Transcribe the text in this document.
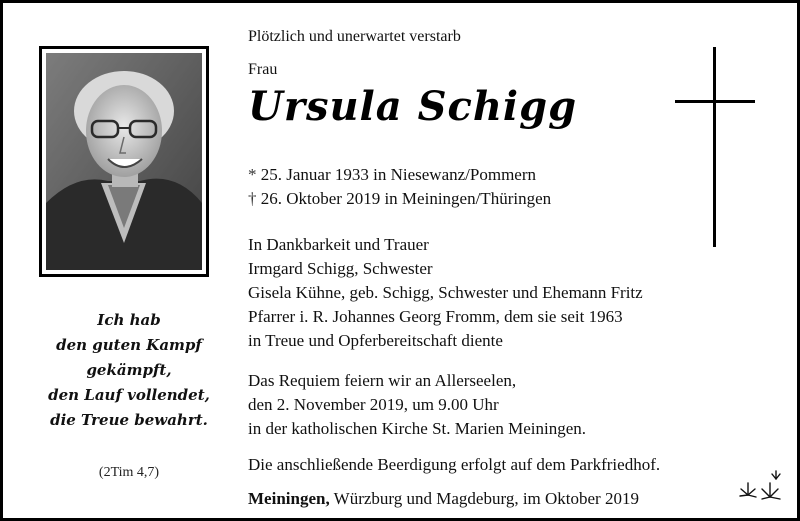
Ich hab
den guten Kampf
gekämpft,
den Lauf vollendet,
die Treue bewahrt.
(2Tim 4,7)
Plötzlich und unerwartet verstarb
Frau
Ursula Schigg
* 25. Januar 1933 in Niesewanz/Pommern
† 26. Oktober 2019 in Meiningen/Thüringen
In Dankbarkeit und Trauer
Irmgard Schigg, Schwester
Gisela Kühne, geb. Schigg, Schwester und Ehemann Fritz
Pfarrer i. R. Johannes Georg Fromm, dem sie seit 1963
in Treue und Opferbereitschaft diente
Das Requiem feiern wir an Allerseelen,
den 2. November 2019, um 9.00 Uhr
in der katholischen Kirche St. Marien Meiningen.
Die anschließende Beerdigung erfolgt auf dem Parkfriedhof.
Meiningen, Würzburg und Magdeburg, im Oktober 2019
